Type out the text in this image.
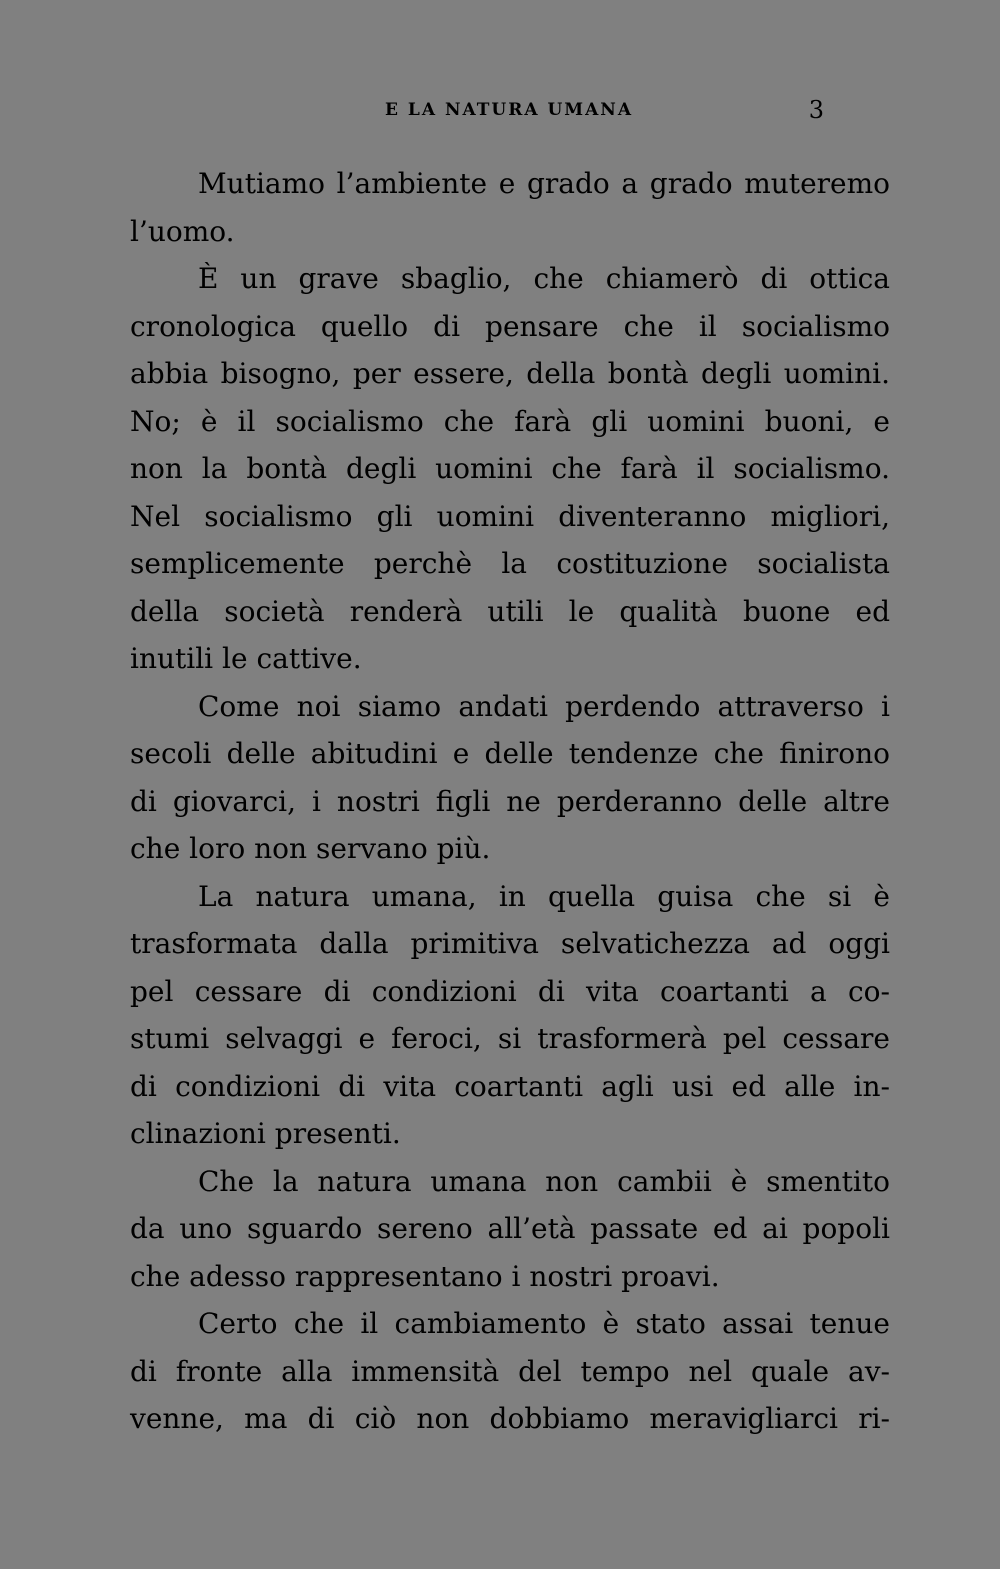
E LA NATURA UMANA	3
Mutiamo l’ambiente e grado a grado muteremo
l’uomo.
È un grave sbaglio, che chiamerò di ottica
cronologica quello di pensare che il socialismo
abbia bisogno, per essere, della bontà degli uomini.
No; è il socialismo che farà gli uomini buoni, e
non la bontà degli uomini che farà il socialismo.
Nel socialismo gli uomini diventeranno migliori,
semplicemente perchè la costituzione socialista
della società renderà utili le qualità buone ed
inutili le cattive.
Come noi siamo andati perdendo attraverso i
secoli delle abitudini e delle tendenze che finirono
di giovarci, i nostri figli ne perderanno delle altre
che loro non servano più.
La natura umana, in quella guisa che si è
trasformata dalla primitiva selvatichezza ad oggi
pel cessare di condizioni di vita coartanti a co-
stumi selvaggi e feroci, si trasformerà pel cessare
di condizioni di vita coartanti agli usi ed alle in-
clinazioni presenti.
Che la natura umana non cambii è smentito
da uno sguardo sereno all’età passate ed ai popoli
che adesso rappresentano i nostri proavi.
Certo che il cambiamento è stato assai tenue
di fronte alla immensità del tempo nel quale av-
venne, ma di ciò non dobbiamo meravigliarci ri-
